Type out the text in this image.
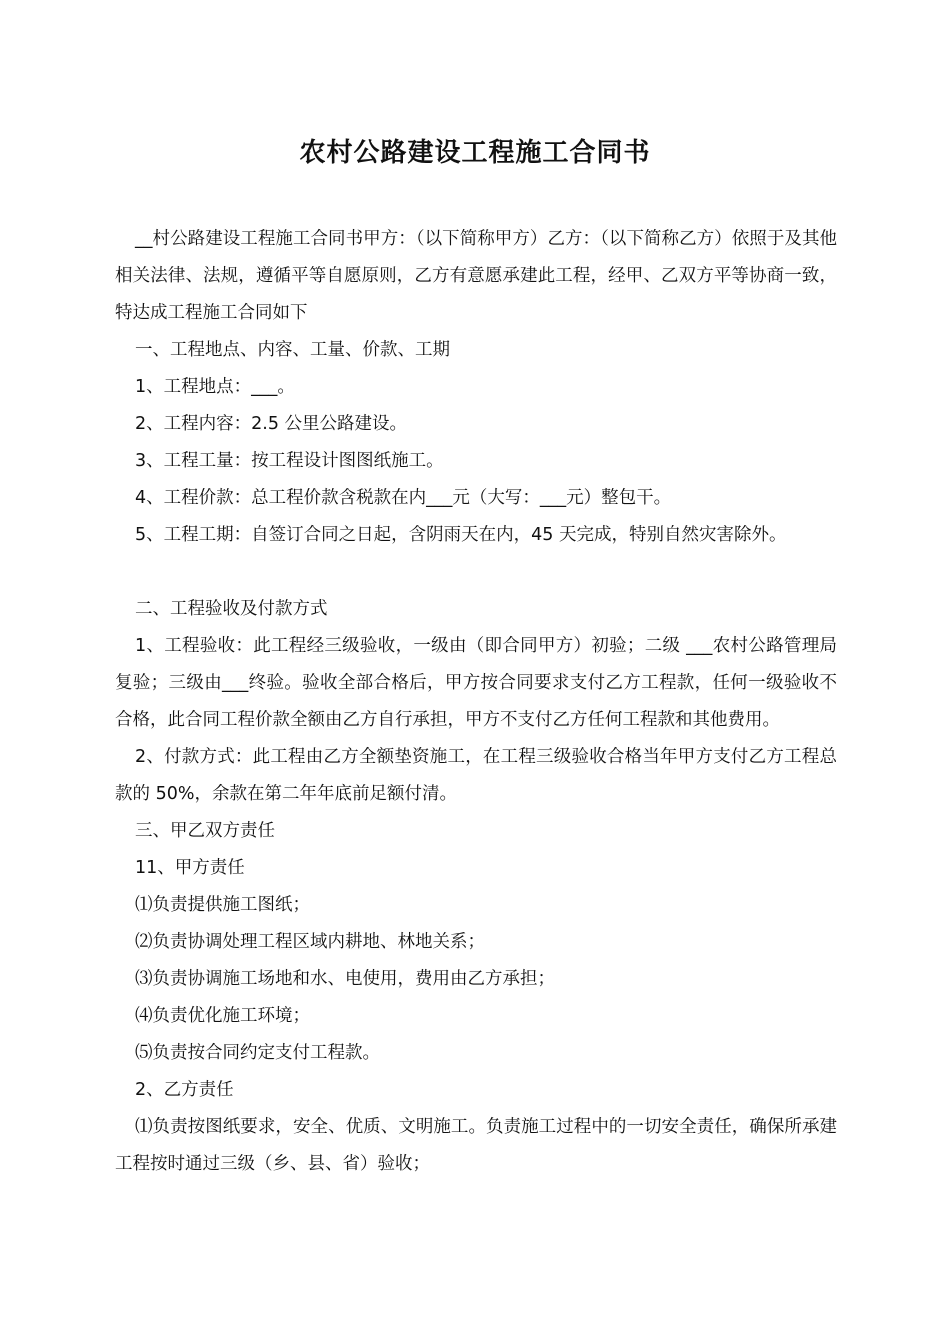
农村公路建设工程施工合同书

__村公路建设工程施工合同书甲方：（以下简称甲方）乙方：（以下简称乙方）依照于及其他相关法律、法规，遵循平等自愿原则，乙方有意愿承建此工程，经甲、乙双方平等协商一致，特达成工程施工合同如下

一、工程地点、内容、工量、价款、工期

1、工程地点：___。

2、工程内容：2.5 公里公路建设。

3、工程工量：按工程设计图图纸施工。

4、工程价款：总工程价款含税款在内___元（大写：___元）整包干。

5、工程工期：自签订合同之日起，含阴雨天在内，45 天完成，特别自然灾害除外。

二、工程验收及付款方式

1、工程验收：此工程经三级验收，一级由（即合同甲方）初验；二级 ___农村公路管理局复验；三级由___终验。验收全部合格后，甲方按合同要求支付乙方工程款，任何一级验收不合格，此合同工程价款全额由乙方自行承担，甲方不支付乙方任何工程款和其他费用。

2、付款方式：此工程由乙方全额垫资施工，在工程三级验收合格当年甲方支付乙方工程总款的 50%，余款在第二年年底前足额付清。

三、甲乙双方责任

11、甲方责任

⑴负责提供施工图纸；

⑵负责协调处理工程区域内耕地、林地关系；

⑶负责协调施工场地和水、电使用，费用由乙方承担；

⑷负责优化施工环境；

⑸负责按合同约定支付工程款。

2、乙方责任

⑴负责按图纸要求，安全、优质、文明施工。负责施工过程中的一切安全责任，确保所承建工程按时通过三级（乡、县、省）验收；
